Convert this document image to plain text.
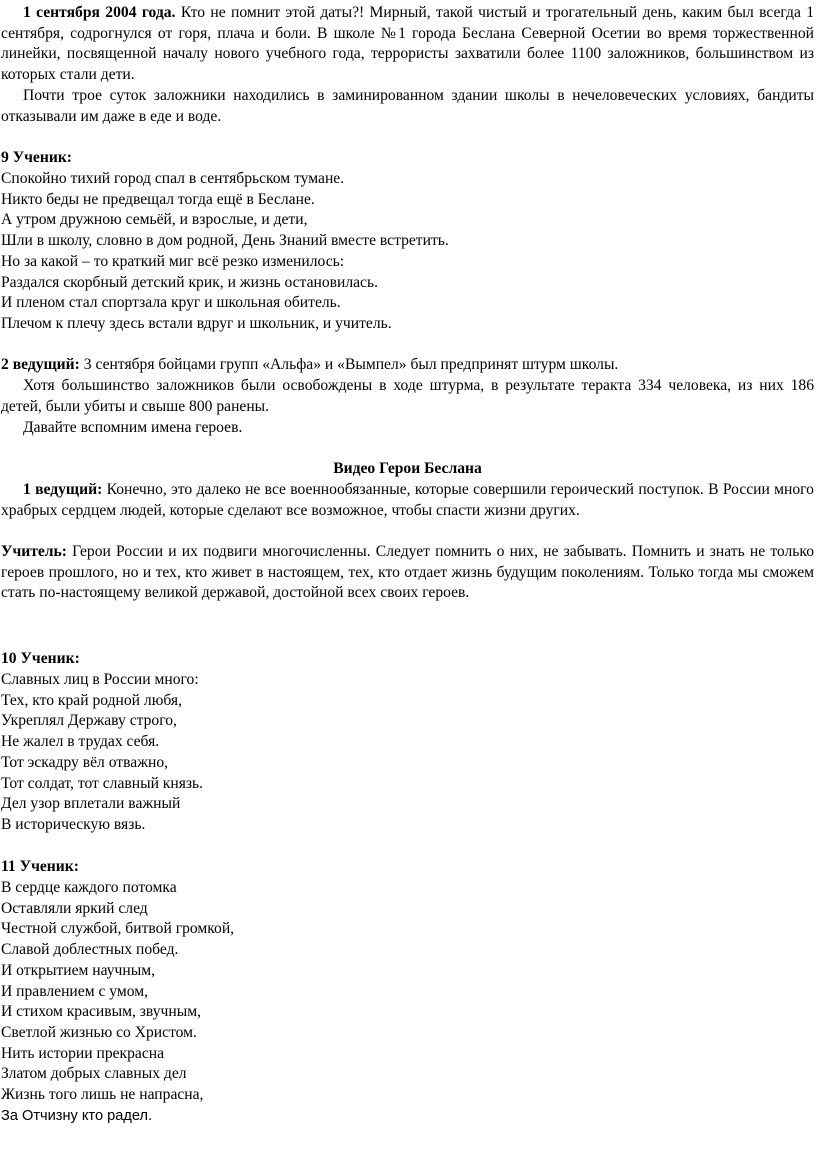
1 сентября 2004 года. Кто не помнит этой даты?! Мирный, такой чистый и трогательный день, каким был всегда 1 сентября, содрогнулся от горя, плача и боли. В школе №1 города Беслана Северной Осетии во время торжественной линейки, посвященной началу нового учебного года, террористы захватили более 1100 заложников, большинством из которых стали дети.

Почти трое суток заложники находились в заминированном здании школы в нечеловеческих условиях, бандиты отказывали им даже в еде и воде.

9 Ученик:

Спокойно тихий город спал в сентябрьском тумане.
Никто беды не предвещал тогда ещё в Беслане.
А утром дружною семьёй, и взрослые, и дети,
Шли в школу, словно в дом родной, День Знаний вместе встретить.
Но за какой – то краткий миг всё резко изменилось:
Раздался скорбный детский крик, и жизнь остановилась.
И пленом стал спортзала круг и школьная обитель.
Плечом к плечу здесь встали вдруг и школьник, и учитель.

2 ведущий: 3 сентября бойцами групп «Альфа» и «Вымпел» был предпринят штурм школы.

Хотя большинство заложников были освобождены в ходе штурма, в результате теракта 334 человека, из них 186 детей, были убиты и свыше 800 ранены.

Давайте вспомним имена героев.

Видео Герои Беслана

1 ведущий: Конечно, это далеко не все военнообязанные, которые совершили героический поступок. В России много храбрых сердцем людей, которые сделают все возможное, чтобы спасти жизни других.

Учитель: Герои России и их подвиги многочисленны. Следует помнить о них, не забывать. Помнить и знать не только героев прошлого, но и тех, кто живет в настоящем, тех, кто отдает жизнь будущим поколениям. Только тогда мы сможем стать по-настоящему великой державой, достойной всех своих героев.

10 Ученик:

Славных лиц в России много:
Тех, кто край родной любя,
Укреплял Державу строго,
Не жалел в трудах себя.
Тот эскадру вёл отважно,
Тот солдат, тот славный князь.
Дел узор вплетали важный
В историческую вязь.

11 Ученик:

В сердце каждого потомка
Оставляли яркий след
Честной службой, битвой громкой,
Славой доблестных побед.
И открытием научным,
И правлением с умом,
И стихом красивым, звучным,
Светлой жизнью со Христом.
Нить истории прекрасна
Златом добрых славных дел
Жизнь того лишь не напрасна,
За Отчизну кто радел.
